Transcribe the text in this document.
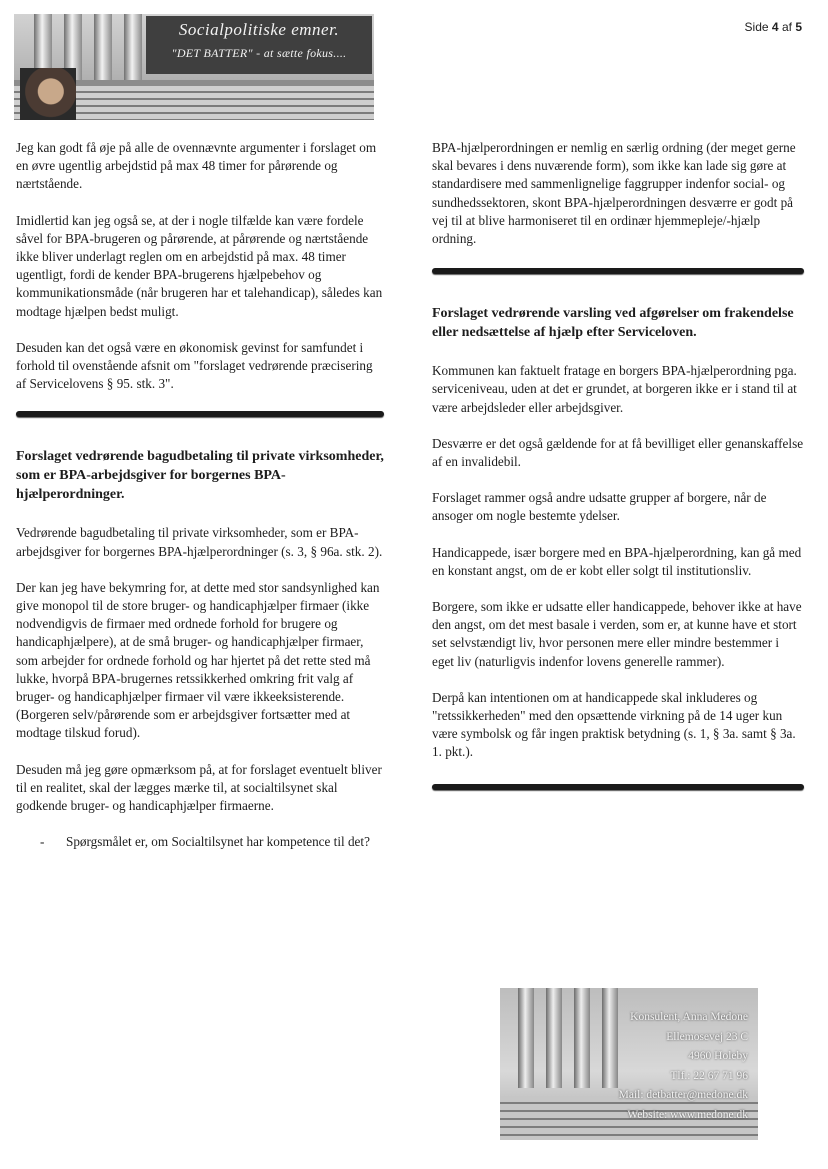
Socialpolitiske emner.
"DET BATTER" - at sætte fokus....
Side 4 af 5

Jeg kan godt få øje på alle de ovennævnte argumenter i forslaget om en øvre ugentlig arbejdstid på max 48 timer for pårørende og nærtstående.

Imidlertid kan jeg også se, at der i nogle tilfælde kan være fordele såvel for BPA-brugeren og pårørende, at pårørende og nærtstående ikke bliver underlagt reglen om en arbejdstid på max. 48 timer ugentligt, fordi de kender BPA-brugerens hjælpebehov og kommunikationsmåde (når brugeren har et talehandicap), således kan modtage hjælpen bedst muligt.

Desuden kan det også være en økonomisk gevinst for samfundet i forhold til ovenstående afsnit om "forslaget vedrørende præcisering af Servicelovens § 95. stk. 3".

Forslaget vedrørende bagudbetaling til private virksomheder, som er BPA-arbejdsgiver for borgernes BPA-hjælperordninger.

Vedrørende bagudbetaling til private virksomheder, som er BPA-arbejdsgiver for borgernes BPA-hjælperordninger (s. 3, § 96a. stk. 2).

Der kan jeg have bekymring for, at dette med stor sandsynlighed kan give monopol til de store bruger- og handicaphjælper firmaer (ikke nodvendigvis de firmaer med ordnede forhold for brugere og handicaphjælpere), at de små bruger- og handicaphjælper firmaer, som arbejder for ordnede forhold og har hjertet på det rette sted må lukke, hvorpå BPA-brugernes retssikkerhed omkring frit valg af bruger- og handicaphjælper firmaer vil være ikkeeksisterende.

(Borgeren selv/pårørende som er arbejdsgiver fortsætter med at modtage tilskud forud).

Desuden må jeg gøre opmærksom på, at for forslaget eventuelt bliver til en realitet, skal der lægges mærke til, at socialtilsynet skal godkende bruger- og handicaphjælper firmaerne.

-	Spørgsmålet er, om Socialtilsynet har kompetence til det?

BPA-hjælperordningen er nemlig en særlig ordning (der meget gerne skal bevares i dens nuværende form), som ikke kan lade sig gøre at standardisere med sammenlignelige faggrupper indenfor social- og sundhedssektoren, skont BPA-hjælperordningen desværre er godt på vej til at blive harmoniseret til en ordinær hjemmepleje/-hjælp ordning.

Forslaget vedrørende varsling ved afgørelser om frakendelse eller nedsættelse af hjælp efter Serviceloven.

Kommunen kan faktuelt fratage en borgers BPA-hjælperordning pga. serviceniveau, uden at det er grundet, at borgeren ikke er i stand til at være arbejdsleder eller arbejdsgiver.

Desværre er det også gældende for at få bevilliget eller genanskaffelse af en invalidebil.

Forslaget rammer også andre udsatte grupper af borgere, når de ansoger om nogle bestemte ydelser.

Handicappede, især borgere med en BPA-hjælperordning, kan gå med en konstant angst, om de er kobt eller solgt til institutionsliv.

Borgere, som ikke er udsatte eller handicappede, behover ikke at have den angst, om det mest basale i verden, som er, at kunne have et stort set selvstændigt liv, hvor personen mere eller mindre bestemmer i eget liv (naturligvis indenfor lovens generelle rammer).

Derpå kan intentionen om at handicappede skal inkluderes og "retssikkerheden" med den opsættende virkning på de 14 uger kun være symbolsk og får ingen praktisk betydning (s. 1, § 3a. samt § 3a. 1. pkt.).

Konsulent, Anna Medone
Ellemosevej 23 C
4960 Holeby
Tlf.: 22 67 71 96
Mail: detbatter@medone.dk
Website: www.medone.dk
